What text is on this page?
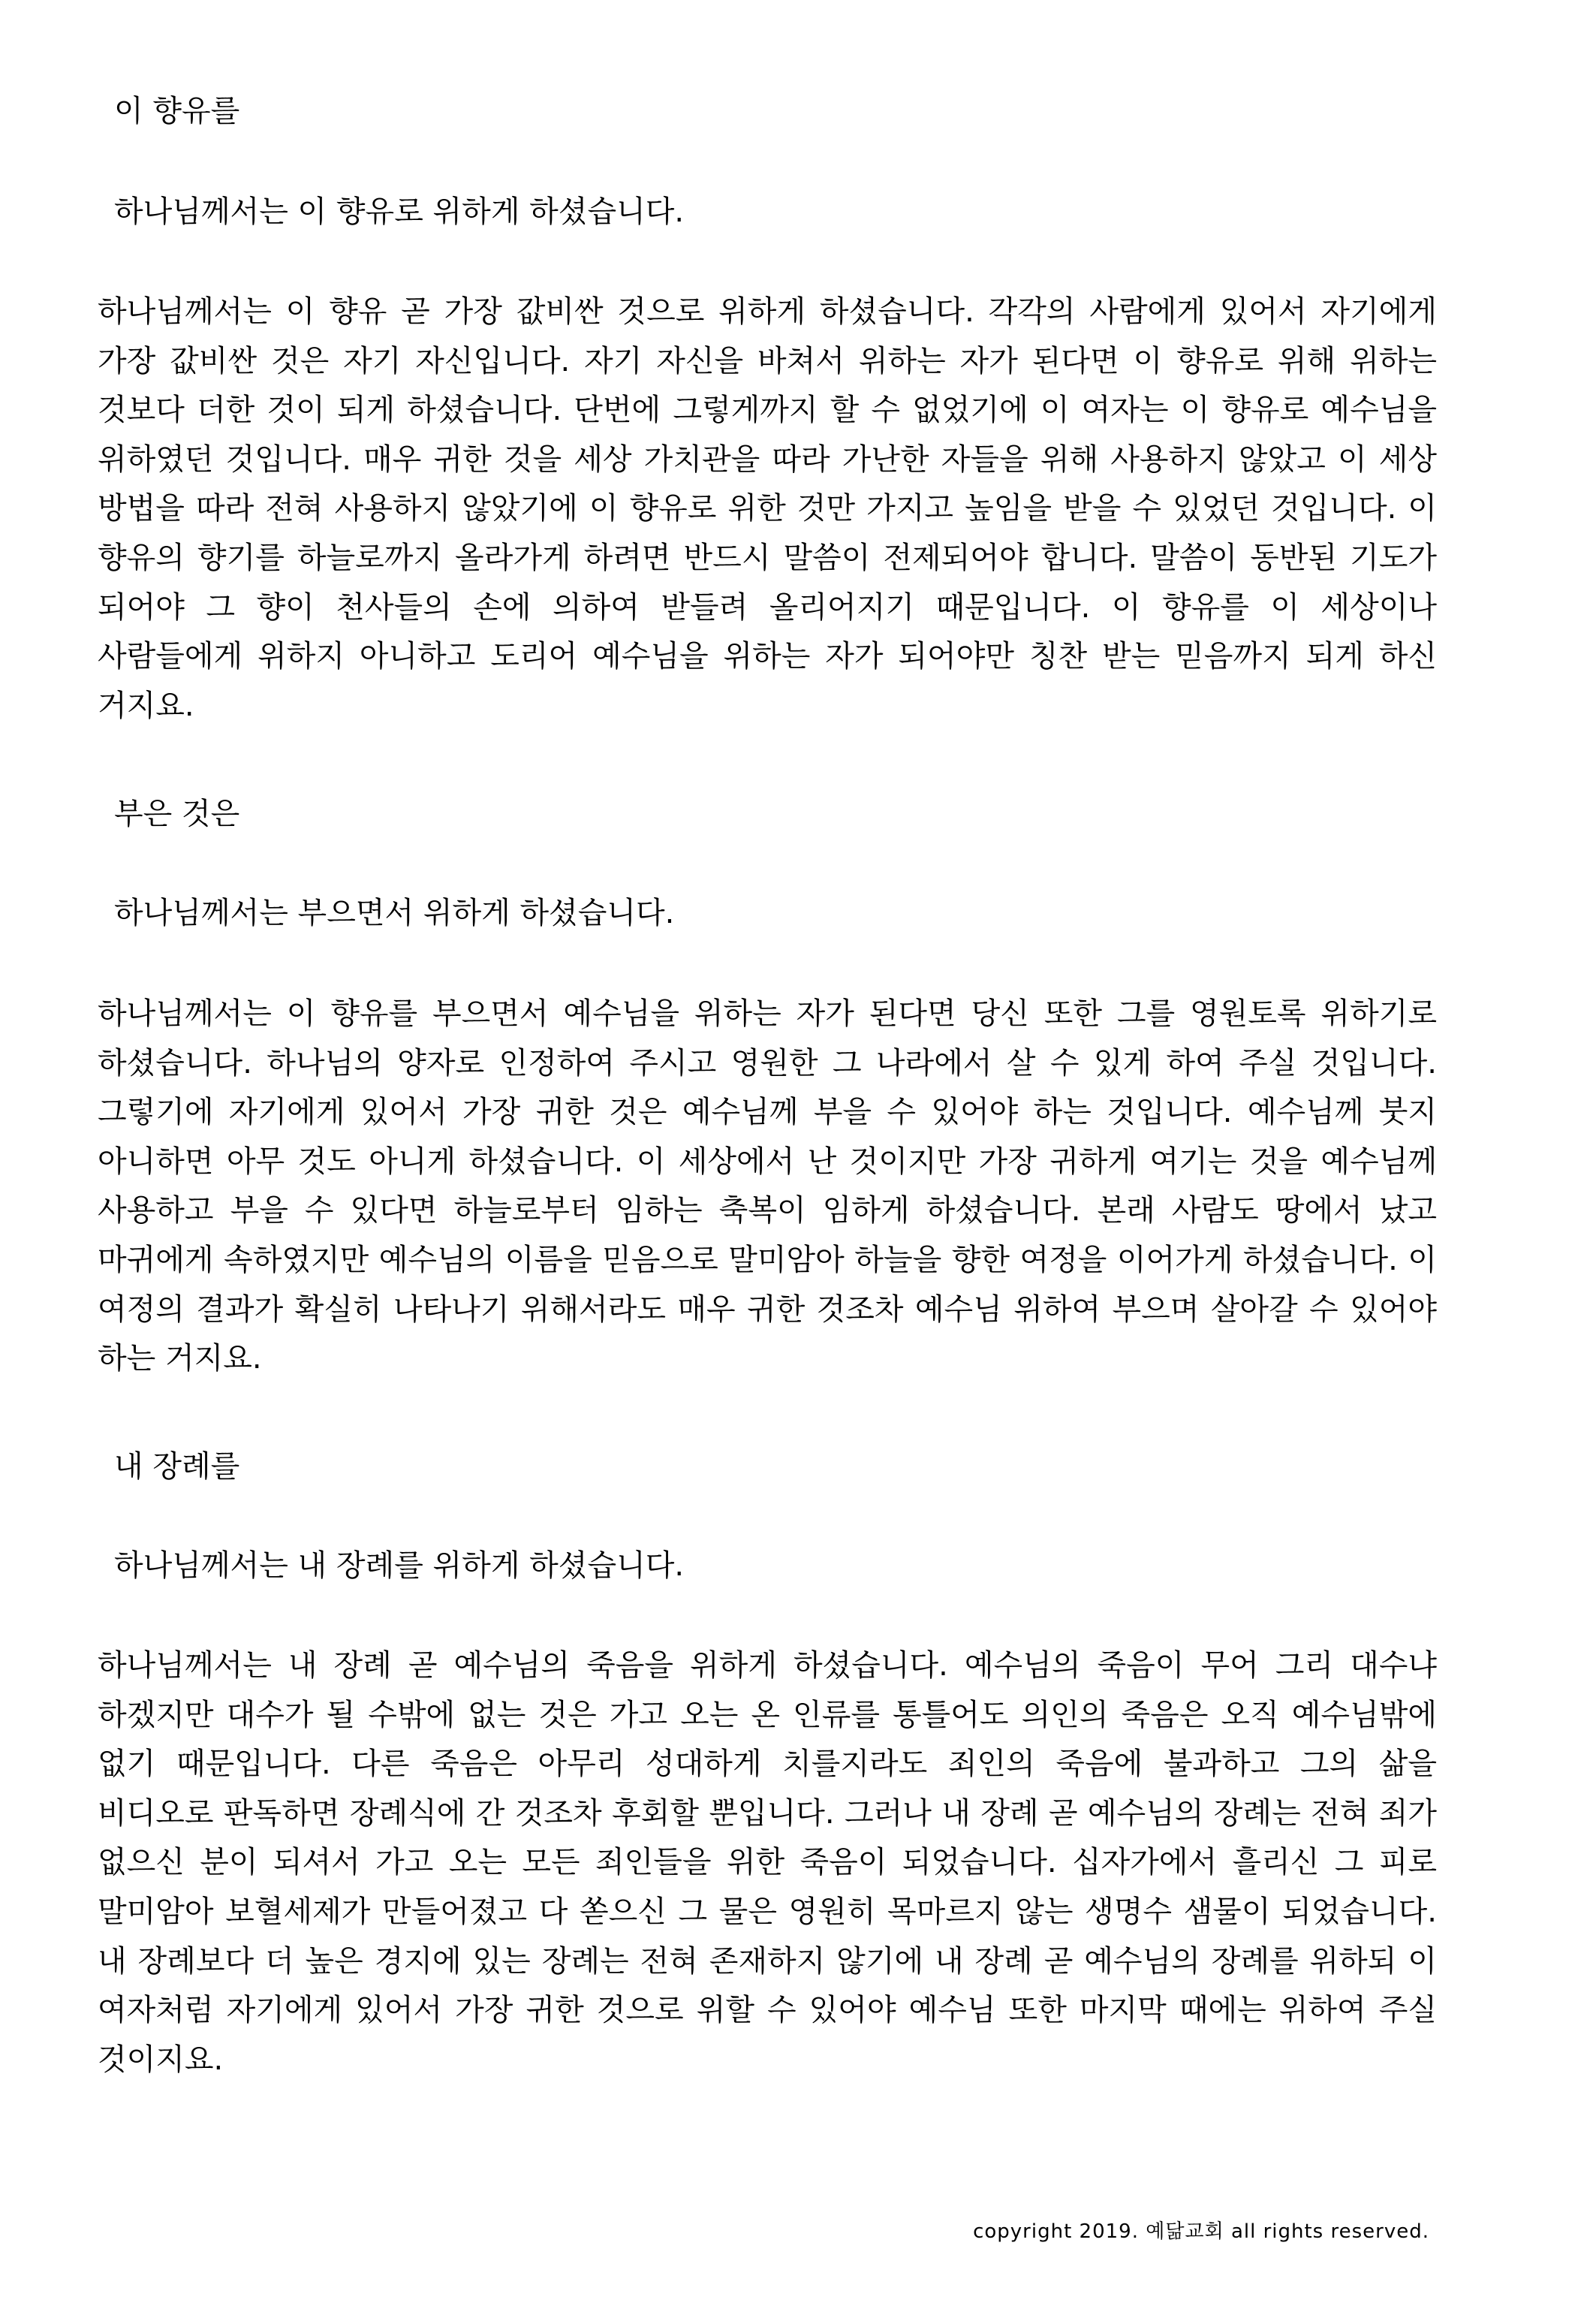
이 향유를

하나님께서는 이 향유로 위하게 하셨습니다.

하나님께서는 이 향유 곧 가장 값비싼 것으로 위하게 하셨습니다. 각각의 사람에게 있어서 자기에게 가장 값비싼 것은 자기 자신입니다. 자기 자신을 바쳐서 위하는 자가 된다면 이 향유로 위해 위하는 것보다 더한 것이 되게 하셨습니다. 단번에 그렇게까지 할 수 없었기에 이 여자는 이 향유로 예수님을 위하였던 것입니다. 매우 귀한 것을 세상 가치관을 따라 가난한 자들을 위해 사용하지 않았고 이 세상 방법을 따라 전혀 사용하지 않았기에 이 향유로 위한 것만 가지고 높임을 받을 수 있었던 것입니다. 이 향유의 향기를 하늘로까지 올라가게 하려면 반드시 말씀이 전제되어야 합니다. 말씀이 동반된 기도가 되어야 그 향이 천사들의 손에 의하여 받들려 올리어지기 때문입니다. 이 향유를 이 세상이나 사람들에게 위하지 아니하고 도리어 예수님을 위하는 자가 되어야만 칭찬 받는 믿음까지 되게 하신 거지요.

부은 것은

하나님께서는 부으면서 위하게 하셨습니다.

하나님께서는 이 향유를 부으면서 예수님을 위하는 자가 된다면 당신 또한 그를 영원토록 위하기로 하셨습니다. 하나님의 양자로 인정하여 주시고 영원한 그 나라에서 살 수 있게 하여 주실 것입니다. 그렇기에 자기에게 있어서 가장 귀한 것은 예수님께 부을 수 있어야 하는 것입니다. 예수님께 붓지 아니하면 아무 것도 아니게 하셨습니다. 이 세상에서 난 것이지만 가장 귀하게 여기는 것을 예수님께 사용하고 부을 수 있다면 하늘로부터 임하는 축복이 임하게 하셨습니다. 본래 사람도 땅에서 났고 마귀에게 속하였지만 예수님의 이름을 믿음으로 말미암아 하늘을 향한 여정을 이어가게 하셨습니다. 이 여정의 결과가 확실히 나타나기 위해서라도 매우 귀한 것조차 예수님 위하여 부으며 살아갈 수 있어야 하는 거지요.

내 장례를

하나님께서는 내 장례를 위하게 하셨습니다.

하나님께서는 내 장례 곧 예수님의 죽음을 위하게 하셨습니다. 예수님의 죽음이 무어 그리 대수냐 하겠지만 대수가 될 수밖에 없는 것은 가고 오는 온 인류를 통틀어도 의인의 죽음은 오직 예수님밖에 없기 때문입니다. 다른 죽음은 아무리 성대하게 치를지라도 죄인의 죽음에 불과하고 그의 삶을 비디오로 판독하면 장례식에 간 것조차 후회할 뿐입니다. 그러나 내 장례 곧 예수님의 장례는 전혀 죄가 없으신 분이 되셔서 가고 오는 모든 죄인들을 위한 죽음이 되었습니다. 십자가에서 흘리신 그 피로 말미암아 보혈세제가 만들어졌고 다 쏟으신 그 물은 영원히 목마르지 않는 생명수 샘물이 되었습니다. 내 장례보다 더 높은 경지에 있는 장례는 전혀 존재하지 않기에 내 장례 곧 예수님의 장례를 위하되 이 여자처럼 자기에게 있어서 가장 귀한 것으로 위할 수 있어야 예수님 또한 마지막 때에는 위하여 주실 것이지요.

copyright 2019. 예닮교회 all rights reserved.
